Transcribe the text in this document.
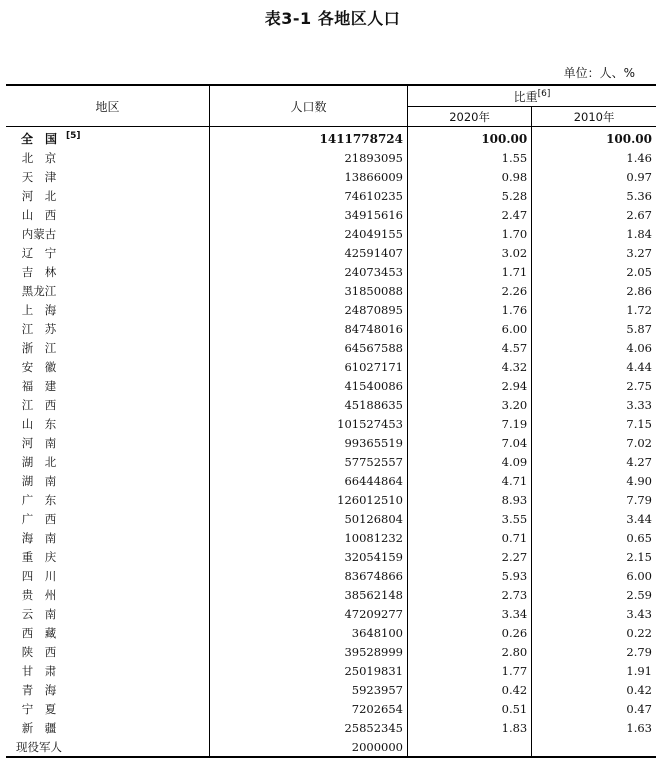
表3-1 各地区人口
单位：人、%
地区	人口数	比重[6]
		2020年	2010年
全　国 [5]	1411778724	100.00	100.00
北　京	21893095	1.55	1.46
天　津	13866009	0.98	0.97
河　北	74610235	5.28	5.36
山　西	34915616	2.47	2.67
内蒙古	24049155	1.70	1.84
辽　宁	42591407	3.02	3.27
吉　林	24073453	1.71	2.05
黑龙江	31850088	2.26	2.86
上　海	24870895	1.76	1.72
江　苏	84748016	6.00	5.87
浙　江	64567588	4.57	4.06
安　徽	61027171	4.32	4.44
福　建	41540086	2.94	2.75
江　西	45188635	3.20	3.33
山　东	101527453	7.19	7.15
河　南	99365519	7.04	7.02
湖　北	57752557	4.09	4.27
湖　南	66444864	4.71	4.90
广　东	126012510	8.93	7.79
广　西	50126804	3.55	3.44
海　南	10081232	0.71	0.65
重　庆	32054159	2.27	2.15
四　川	83674866	5.93	6.00
贵　州	38562148	2.73	2.59
云　南	47209277	3.34	3.43
西　藏	3648100	0.26	0.22
陕　西	39528999	2.80	2.79
甘　肃	25019831	1.77	1.91
青　海	5923957	0.42	0.42
宁　夏	7202654	0.51	0.47
新　疆	25852345	1.83	1.63
现役军人	2000000		
